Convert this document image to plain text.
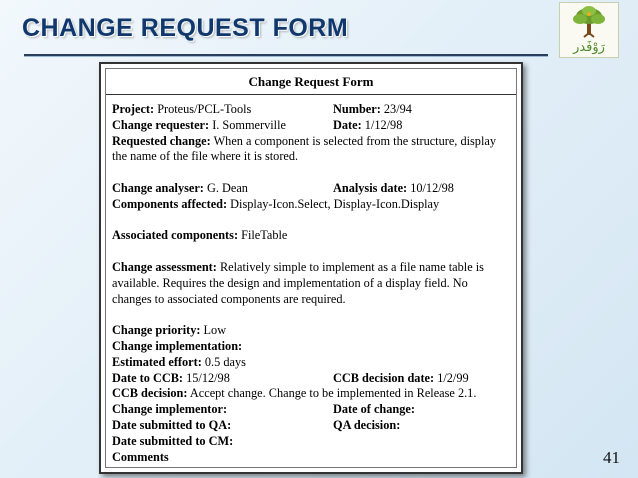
CHANGE REQUEST FORM
رَوْفَدر
Change Request Form
Project: Proteus/PCL-Tools	Number: 23/94
Change requester: I. Sommerville	Date: 1/12/98
Requested change: When a component is selected from the structure, display the name of the file where it is stored.
Change analyser: G. Dean	Analysis date: 10/12/98
Components affected: Display-Icon.Select, Display-Icon.Display
Associated components: FileTable
Change assessment: Relatively simple to implement as a file name table is available. Requires the design and implementation of a display field. No changes to associated components are required.
Change priority: Low
Change implementation:
Estimated effort: 0.5 days
Date to CCB: 15/12/98	CCB decision date: 1/2/99
CCB decision: Accept change. Change to be implemented in Release 2.1.
Change implementor:	Date of change:
Date submitted to QA:	QA decision:
Date submitted to CM:
Comments	41
